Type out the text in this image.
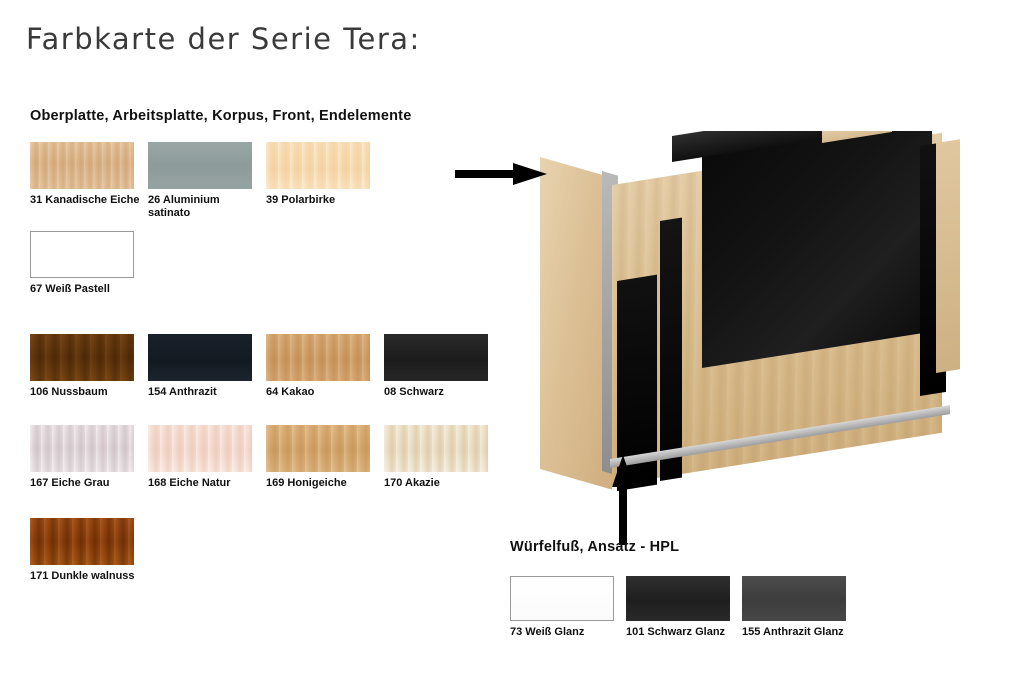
Farbkarte der Serie Tera:
Oberplatte, Arbeitsplatte, Korpus, Front, Endelemente
31 Kanadische Eiche 26 Aluminium satinato
39 Polarbirke
67 Weiß Pastell
106 Nussbaum	154 Anthrazit	64 Kakao	08 Schwarz
167 Eiche Grau	168 Eiche Natur	169 Honigeiche	170 Akazie
171 Dunkle walnuss
Würfelfuß, Ansatz - HPL
73 Weiß Glanz	101 Schwarz Glanz	155 Anthrazit Glanz
